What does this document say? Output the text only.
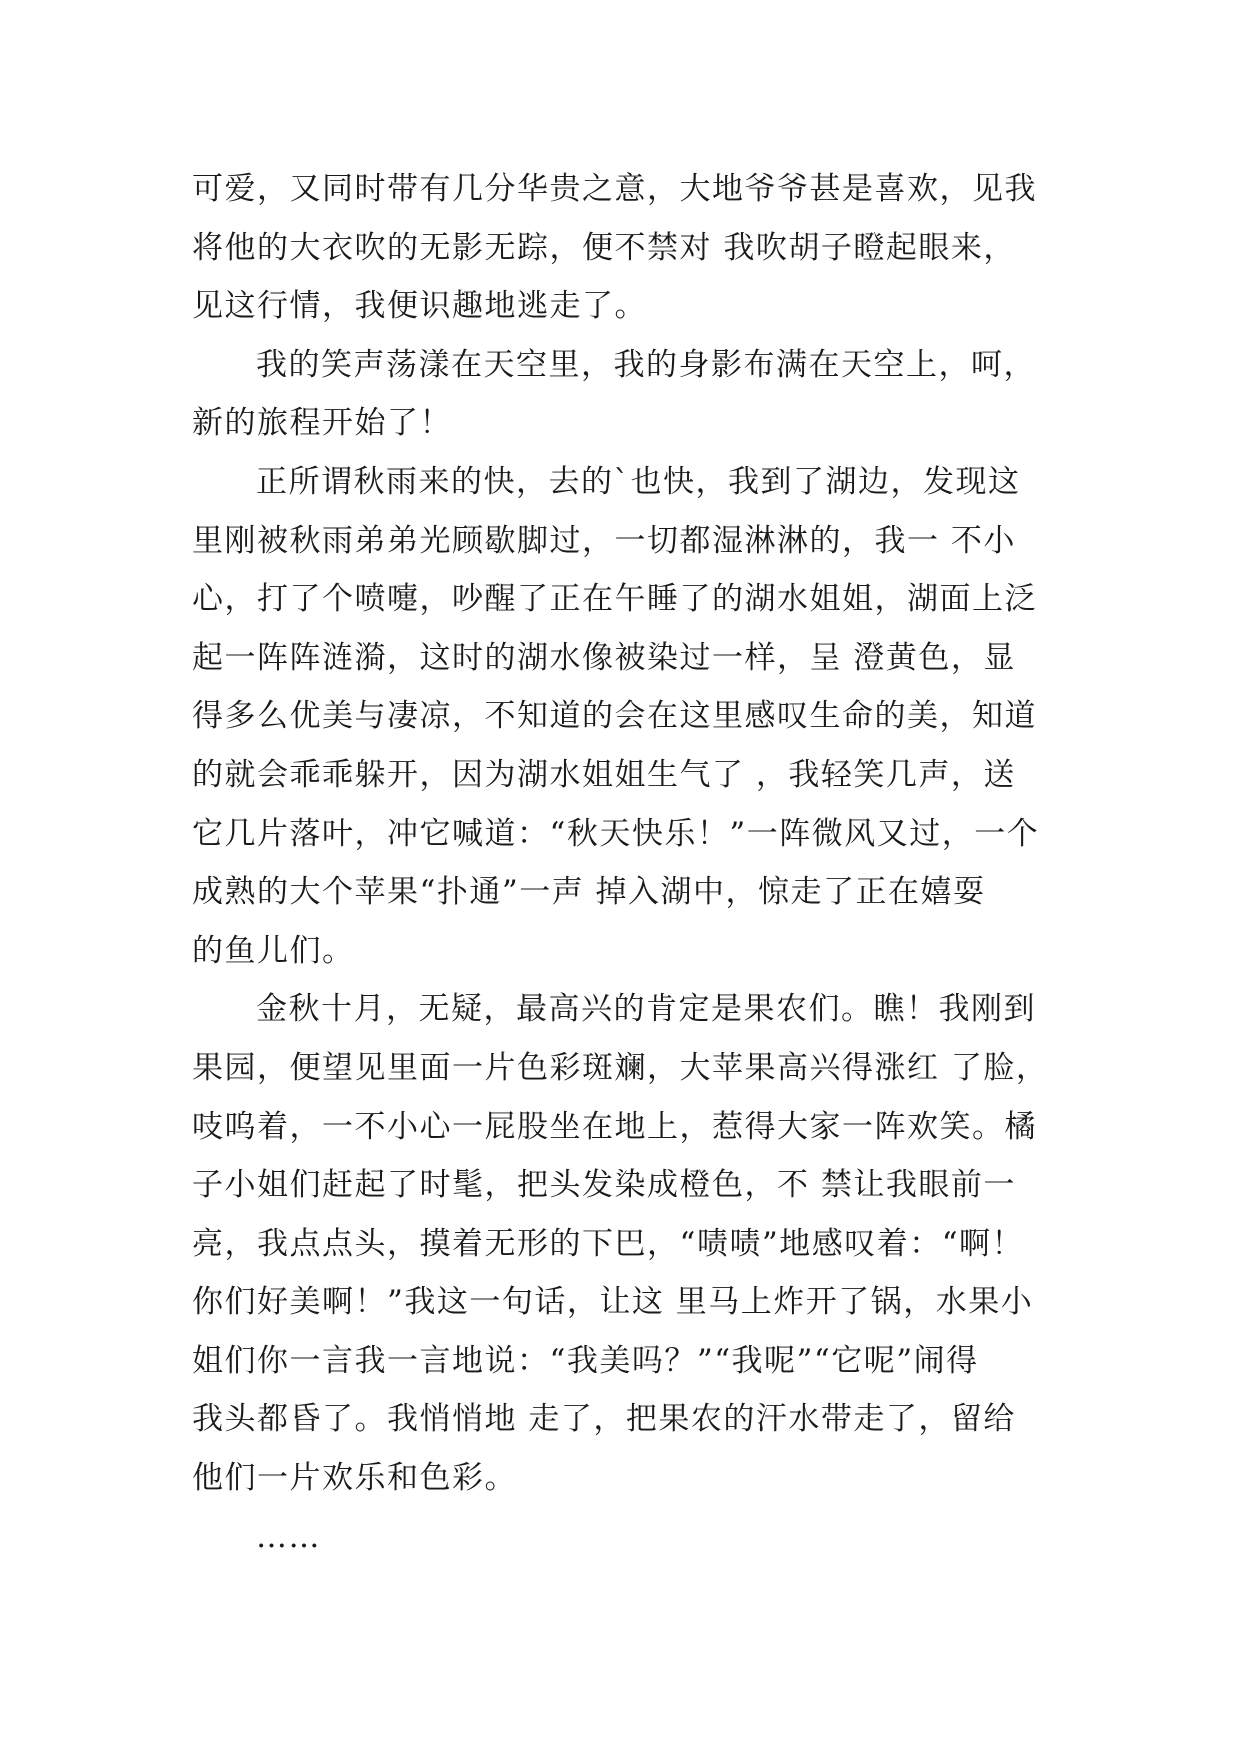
可爱，又同时带有几分华贵之意，大地爷爷甚是喜欢，见我
将他的大衣吹的无影无踪，便不禁对 我吹胡子瞪起眼来，
见这行情，我便识趣地逃走了。
我的笑声荡漾在天空里，我的身影布满在天空上，呵，
新的旅程开始了！
正所谓秋雨来的快，去的`也快，我到了湖边，发现这
里刚被秋雨弟弟光顾歇脚过，一切都湿淋淋的，我一 不小
心，打了个喷嚏，吵醒了正在午睡了的湖水姐姐，湖面上泛
起一阵阵涟漪，这时的湖水像被染过一样，呈 澄黄色，显
得多么优美与凄凉，不知道的会在这里感叹生命的美，知道
的就会乖乖躲开，因为湖水姐姐生气了 ，我轻笑几声，送
它几片落叶，冲它喊道：“秋天快乐！”一阵微风又过，一个
成熟的大个苹果“扑通”一声 掉入湖中，惊走了正在嬉耍
的鱼儿们。
金秋十月，无疑，最高兴的肯定是果农们。瞧！我刚到
果园，便望见里面一片色彩斑斓，大苹果高兴得涨红 了脸，
吱呜着，一不小心一屁股坐在地上，惹得大家一阵欢笑。橘
子小姐们赶起了时髦，把头发染成橙色，不 禁让我眼前一
亮，我点点头，摸着无形的下巴，“啧啧”地感叹着：“啊！
你们好美啊！”我这一句话，让这 里马上炸开了锅，水果小
姐们你一言我一言地说：“我美吗？”“我呢”“它呢”闹得
我头都昏了。我悄悄地 走了，把果农的汗水带走了，留给
他们一片欢乐和色彩。
……
